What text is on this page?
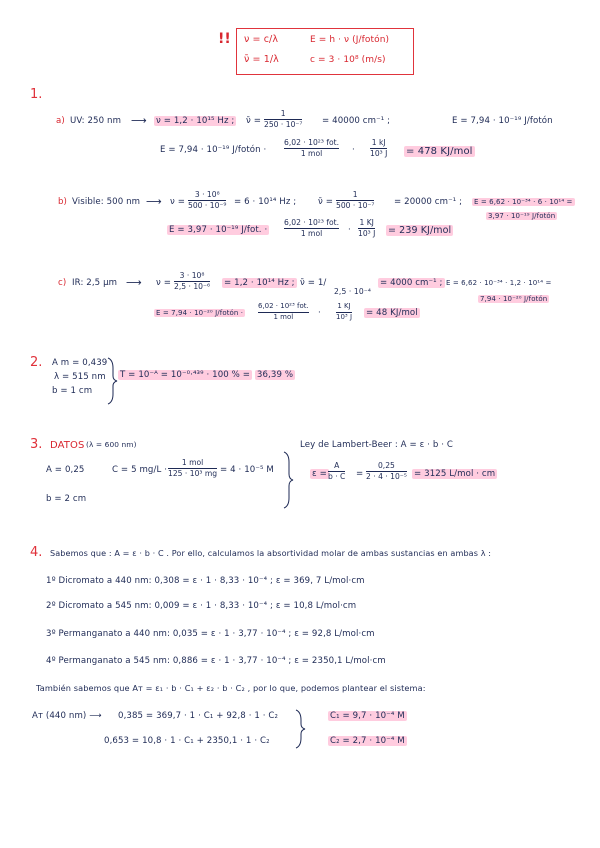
!! ν = c/λ	E = h · ν (J/fotón)
ν̄ = 1/λ	c = 3 · 10⁸ (m/s)
1.
a) UV: 250 nm ⟶ ν = 1,2 · 10¹⁵ Hz ; ν̄ =
1
250 · 10⁻⁷ = 40000 cm⁻¹ ;	E = 7,94 · 10⁻¹⁹ J/fotón
E = 7,94 · 10⁻¹⁹ J/fotón ·
6,02 · 10²³ fot.
1 mol	·
1 kJ
10³ J = 478 KJ/mol
b) Visible: 500 nm ⟶ ν =
3 · 10⁸
500 · 10⁻⁹ = 6 · 10¹⁴ Hz ;	ν̄ =
1
500 · 10⁻⁷ = 20000 cm⁻¹ ; E = 6,62 · 10⁻³⁴ · 6 · 10¹⁴ =
3,97 · 10⁻¹⁹ J/fotón
E = 3,97 · 10⁻¹⁹ J/fot. ·
6,02 · 10²³ fot.
1 mol	·
1 KJ
10³ J = 239 KJ/mol
c) IR: 2,5 μm ⟶ ν =
3 · 10⁸
2,5 · 10⁻⁶ = 1,2 · 10¹⁴ Hz ; ν̄ = 1/
2,5 · 10⁻⁴
= 4000 cm⁻¹ ; E = 6,62 · 10⁻³⁴ · 1,2 · 10¹⁴ =
7,94 · 10⁻²⁰ J/fotón
E = 7,94 · 10⁻²⁰ J/fotón ·
6,02 · 10²³ fot.
1 mol	·
1 KJ
10³ J = 48 KJ/mol
2. A m = 0,439
λ = 515 nm
b = 1 cm
T = 10⁻ᴬ = 10⁻⁰·⁴³⁹ · 100 % = 36,39 %
3. DATOS (λ = 600 nm)
A = 0,25
b = 2 cm
C = 5 mg/L ·
1 mol
125 · 10³ mg = 4 · 10⁻⁵ M
Ley de Lambert-Beer : A = ε · b · C
ε =
A
b · C =
0,25
2 · 4 · 10⁻⁵ = 3125 L/mol · cm
4. Sabemos que : A = ε · b · C . Por ello, calculamos la absortividad molar de ambas sustancias en ambas λ :
1º Dicromato a 440 nm: 0,308 = ε · 1 · 8,33 · 10⁻⁴ ; ε = 369, 7 L/mol·cm
2º Dicromato a 545 nm: 0,009 = ε · 1 · 8,33 · 10⁻⁴ ; ε = 10,8 L/mol·cm
3º Permanganato a 440 nm: 0,035 = ε · 1 · 3,77 · 10⁻⁴ ; ε = 92,8 L/mol·cm
4º Permanganato a 545 nm: 0,886 = ε · 1 · 3,77 · 10⁻⁴ ; ε = 2350,1 L/mol·cm
También sabemos que Aт = ε₁ · b · C₁ + ε₂ · b · C₂ , por lo que, podemos plantear el sistema:
Aт (440 nm) ⟶ 0,385 = 369,7 · 1 · C₁ + 92,8 · 1 · C₂
0,653 = 10,8 · 1 · C₁ + 2350,1 · 1 · C₂
C₁ = 9,7 · 10⁻⁴ M
C₂ = 2,7 · 10⁻⁴ M
